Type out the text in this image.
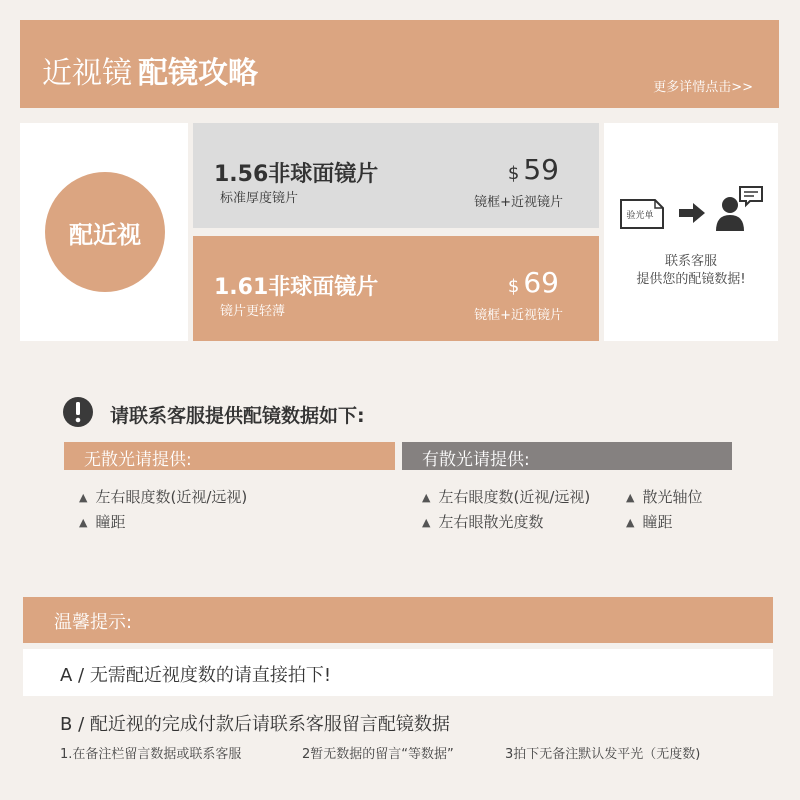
近视镜 配镜攻略	更多详情点击>>
配近视
1.56非球面镜片
标准厚度镜片
$ 59
镜框+近视镜片
1.61非球面镜片
镜片更轻薄
$ 69
镜框+近视镜片
验光单
联系客服
提供您的配镜数据!
请联系客服提供配镜数据如下:
无散光请提供:	有散光请提供:
▲ 左右眼度数(近视/远视)
▲ 瞳距
▲ 左右眼度数(近视/远视)
▲ 左右眼散光度数
▲ 散光轴位
▲ 瞳距
温馨提示:
A / 无需配近视度数的请直接拍下!
B / 配近视的完成付款后请联系客服留言配镜数据
1.在备注栏留言数据或联系客服	2暂无数据的留言“等数据”	3拍下无备注默认发平光（无度数)
